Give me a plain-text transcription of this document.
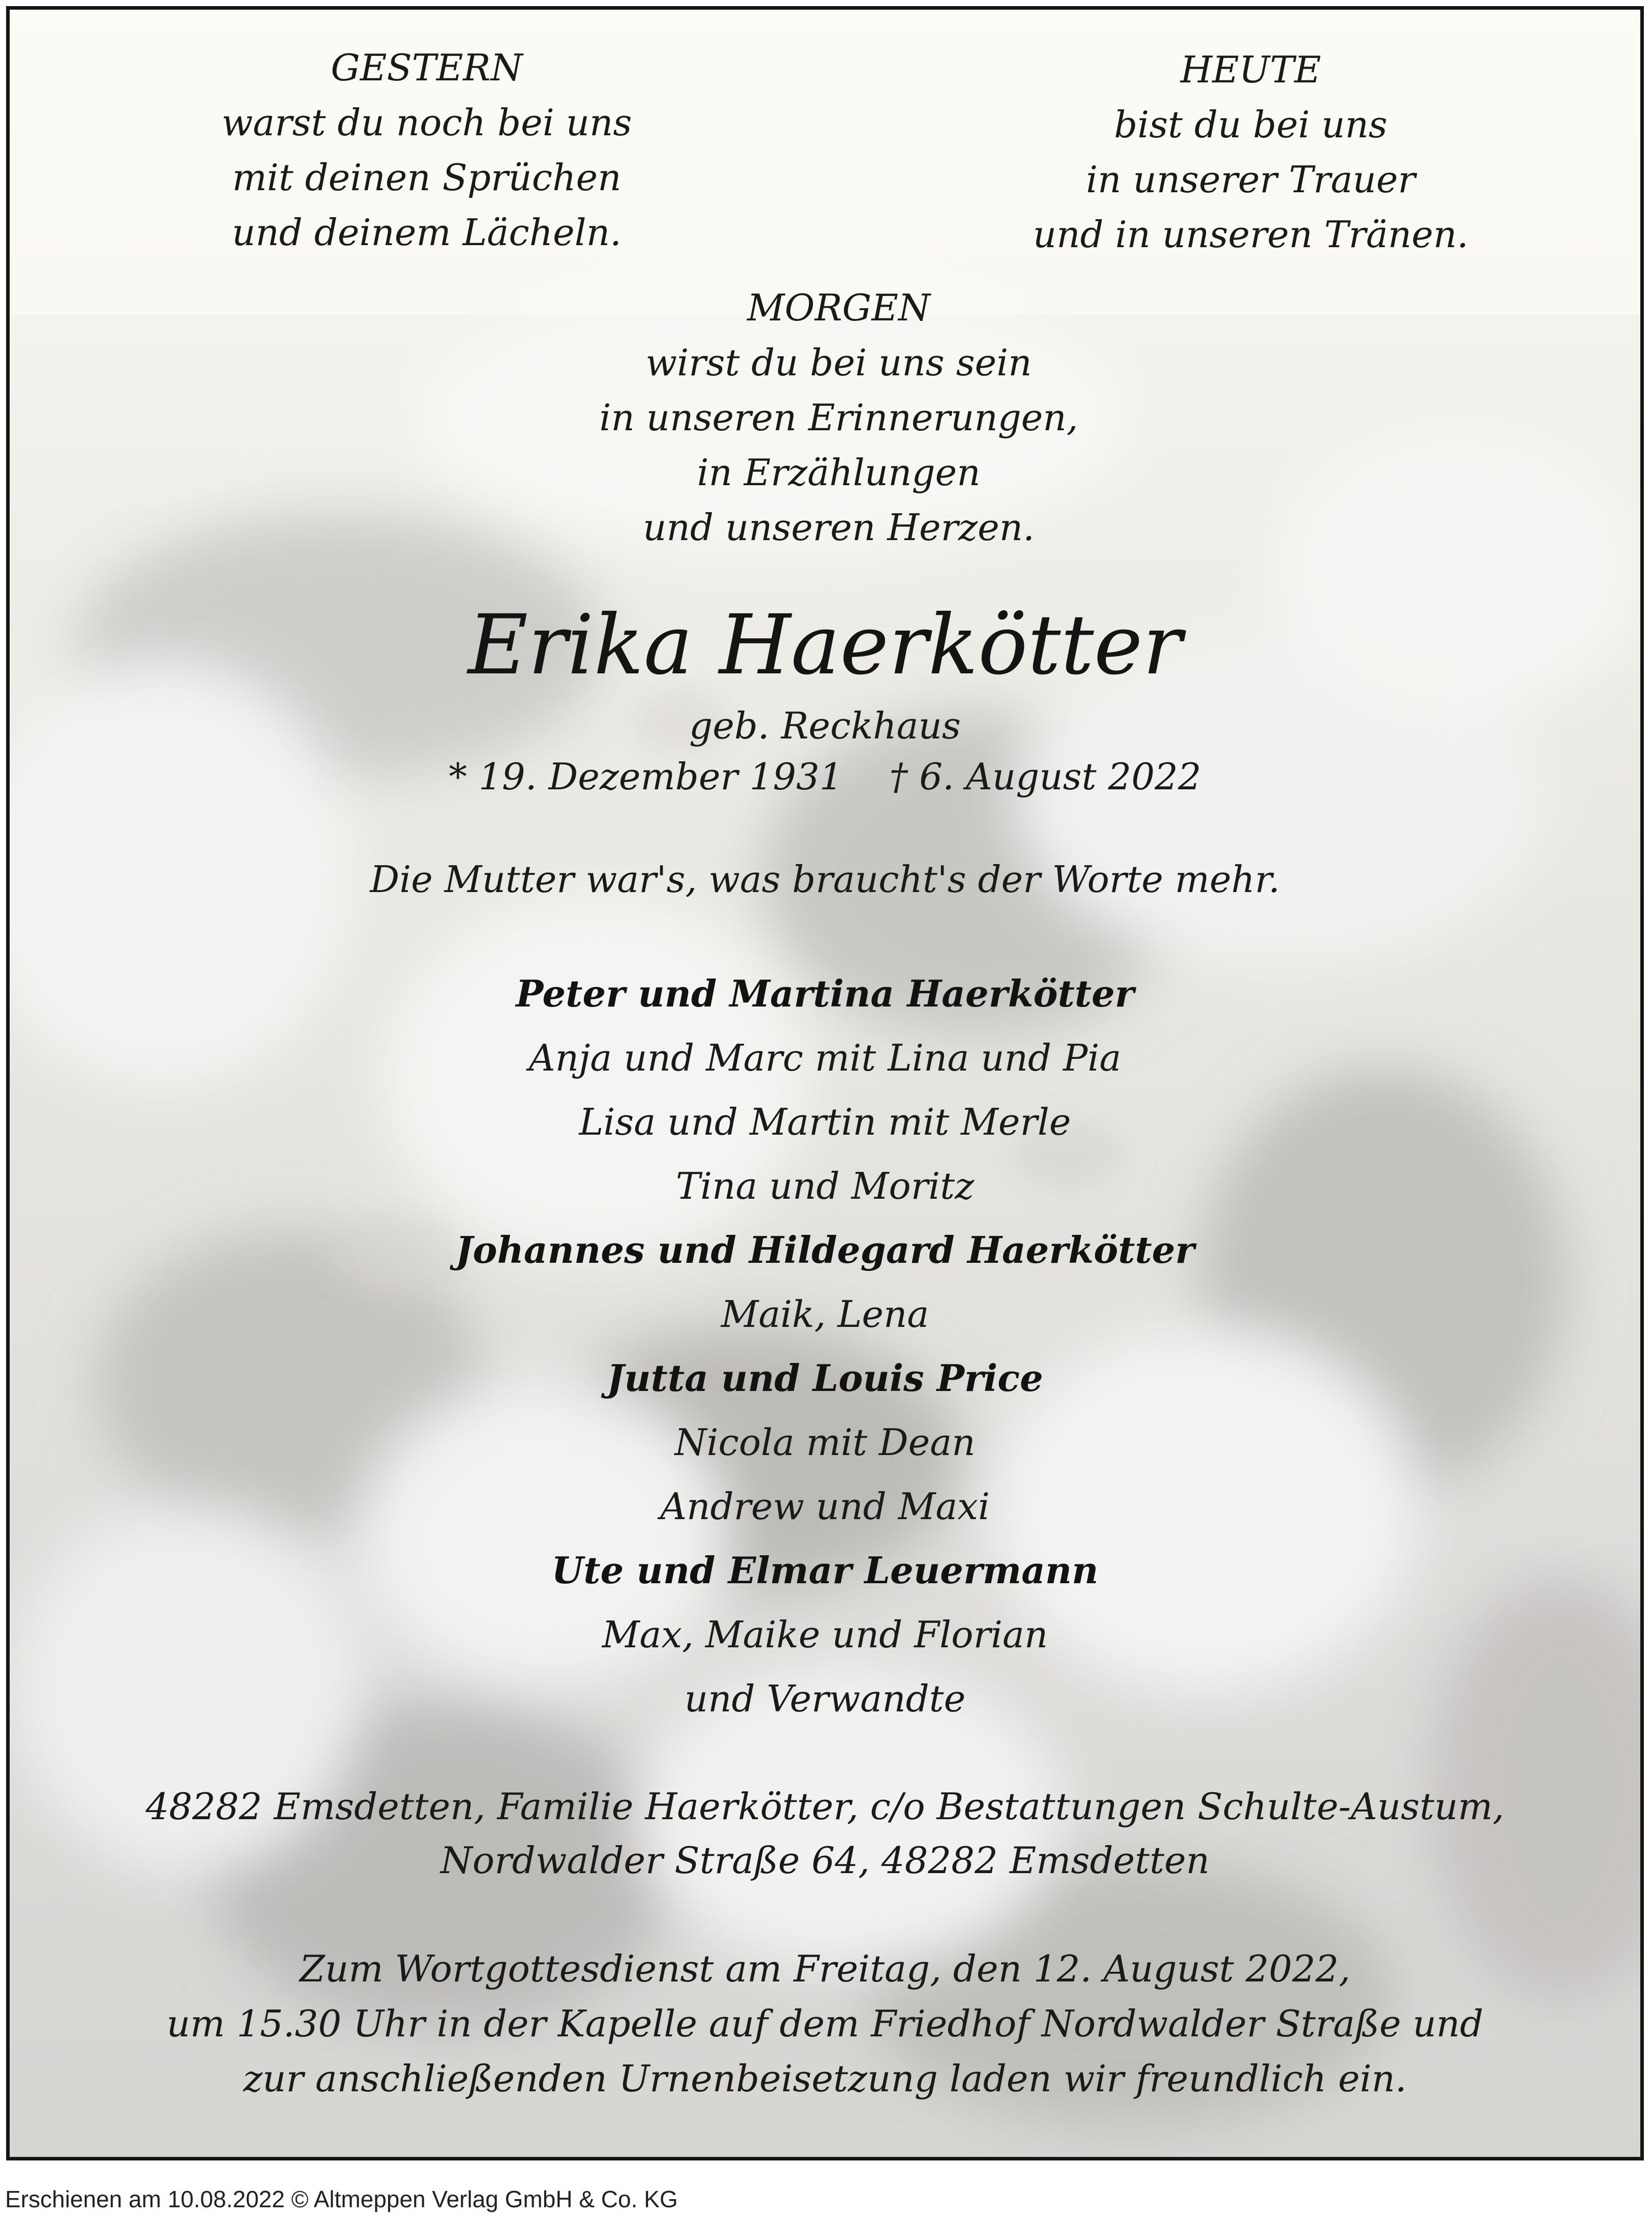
GESTERN
warst du noch bei uns
mit deinen Sprüchen
und deinem Lächeln.
HEUTE
bist du bei uns
in unserer Trauer
und in unseren Tränen.
MORGEN
wirst du bei uns sein
in unseren Erinnerungen,
in Erzählungen
und unseren Herzen.
Erika Haerkötter
geb. Reckhaus
* 19. Dezember 1931 † 6. August 2022
Die Mutter war's, was braucht's der Worte mehr.
Peter und Martina Haerkötter
Anja und Marc mit Lina und Pia
Lisa und Martin mit Merle
Tina und Moritz
Johannes und Hildegard Haerkötter
Maik, Lena
Jutta und Louis Price
Nicola mit Dean
Andrew und Maxi
Ute und Elmar Leuermann
Max, Maike und Florian
und Verwandte
48282 Emsdetten, Familie Haerkötter, c/o Bestattungen Schulte-Austum,
Nordwalder Straße 64, 48282 Emsdetten
Zum Wortgottesdienst am Freitag, den 12. August 2022,
um 15.30 Uhr in der Kapelle auf dem Friedhof Nordwalder Straße und
zur anschließenden Urnenbeisetzung laden wir freundlich ein.
Erschienen am 10.08.2022 © Altmeppen Verlag GmbH & Co. KG
